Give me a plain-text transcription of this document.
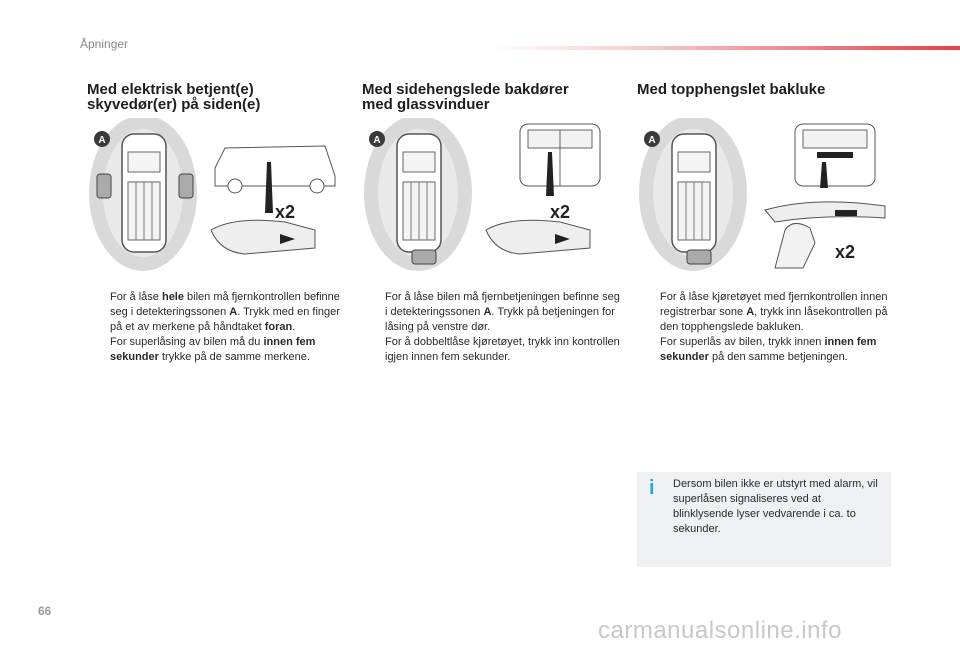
Åpninger
Med elektrisk betjent(e)
skyvedør(er) på siden(e)
A
x2
For å låse hele bilen må fjernkontrollen befinne seg i detekteringssonen A. Trykk med en finger på et av merkene på håndtaket foran.
For superlåsing av bilen må du innen fem sekunder trykke på de samme merkene.
Med sidehengslede bakdører
med glassvinduer
A
x2
For å låse bilen må fjernbetjeningen befinne seg i detekteringssonen A. Trykk på betjeningen for låsing på venstre dør.
For å dobbeltlåse kjøretøyet, trykk inn kontrollen igjen innen fem sekunder.
Med topphengslet bakluke
A
x2
For å låse kjøretøyet med fjernkontrollen innen registrerbar sone A, trykk inn låsekontrollen på den topphengslede bakluken.
For superlås av bilen, trykk innen innen fem sekunder på den samme betjeningen.
i Dersom bilen ikke er utstyrt med alarm, vil superlåsen signaliseres ved at blinklysende lyser vedvarende i ca. to sekunder.
66
carmanualsonline.info
